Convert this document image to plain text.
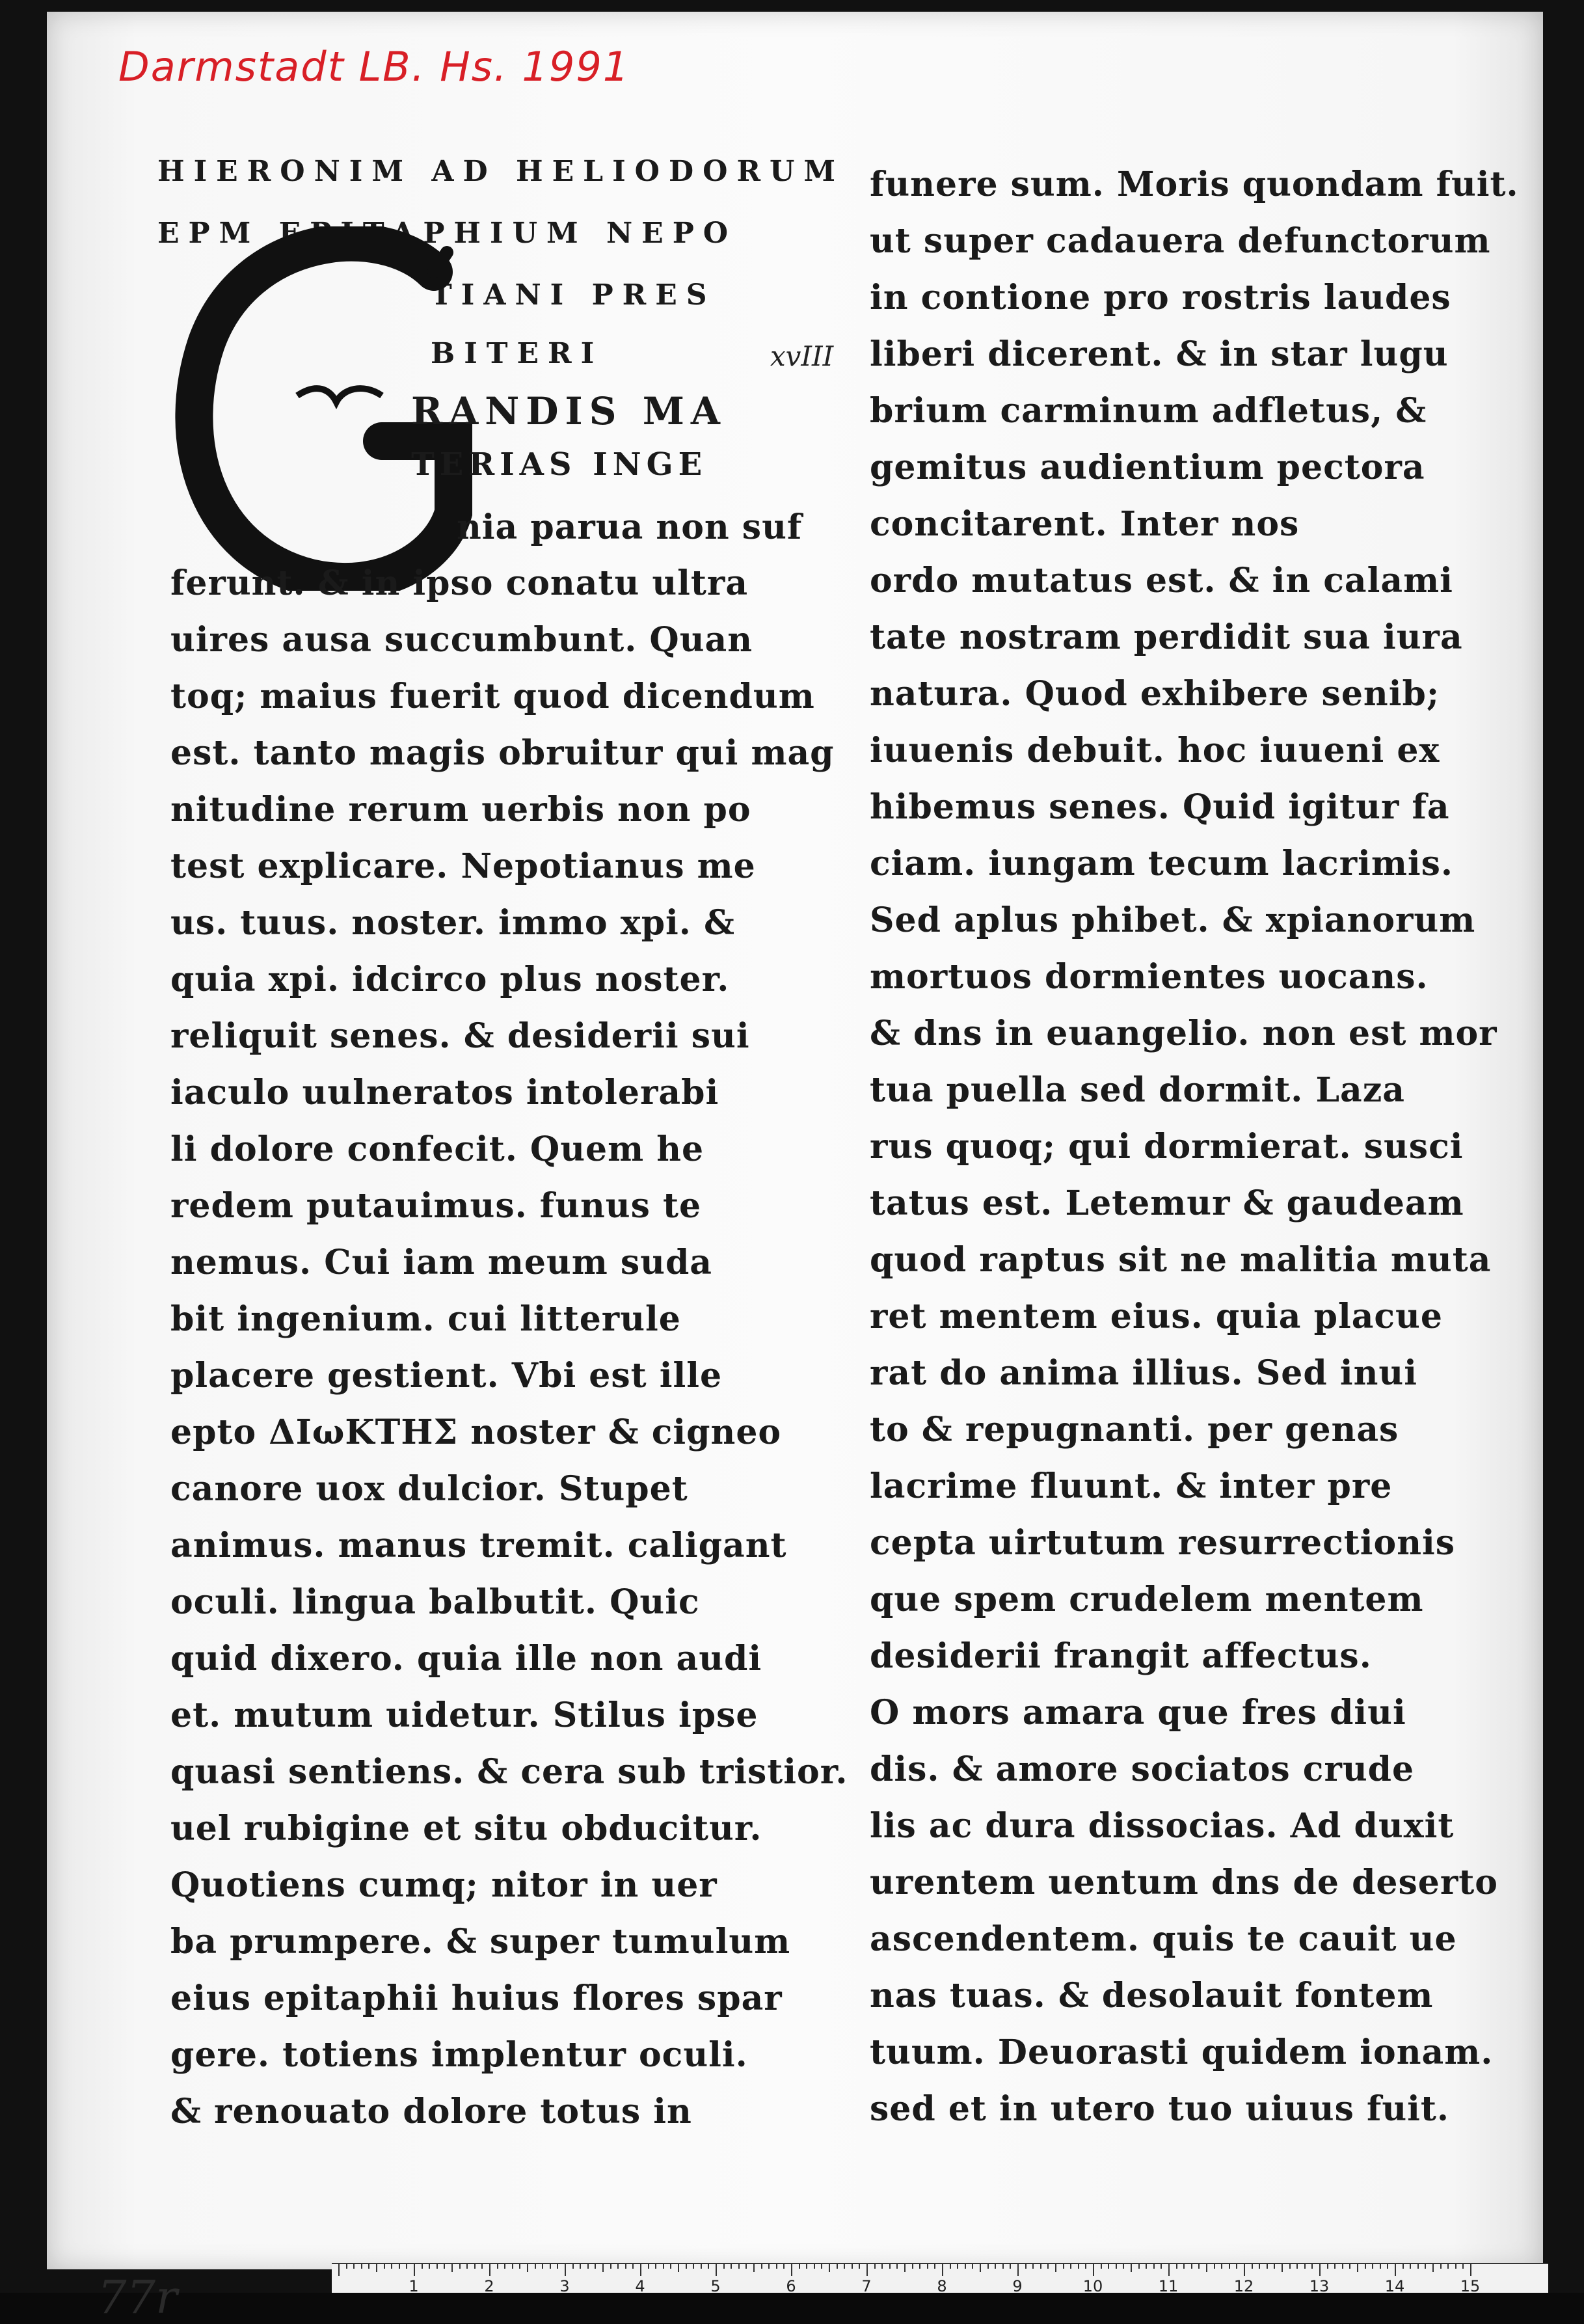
Darmstadt LB. Hs. 1991
HIERONIM AD HELIODORUM
EPM EPITAPHIUM NEPO
TIANI PRES
BITERI	xvIII
RANDIS MA
TERIAS INGE
nia parua non suf
ferunt. & in ipso conatu ultra
uires ausa succumbunt. Quan
toq; maius fuerit quod dicendum
est. tanto magis obruitur qui mag
nitudine rerum uerbis non po
test explicare. Nepotianus me
us. tuus. noster. immo xpi. &
quia xpi. idcirco plus noster.
reliquit senes. & desiderii sui
iaculo uulneratos intolerabi
li dolore confecit. Quem he
redem putauimus. funus te
nemus. Cui iam meum suda
bit ingenium. cui litterule
placere gestient. Vbi est ille
epto ΔΙωΚΤΗΣ noster & cigneo
canore uox dulcior. Stupet
animus. manus tremit. caligant
oculi. lingua balbutit. Quic
quid dixero. quia ille non audi
et. mutum uidetur. Stilus ipse
quasi sentiens. & cera sub tristior.
uel rubigine et situ obducitur.
Quotiens cumq; nitor in uer
ba prumpere. & super tumulum
eius epitaphii huius flores spar
gere. totiens implentur oculi.
& renouato dolore totus in
funere sum. Moris quondam fuit.
ut super cadauera defunctorum
in contione pro rostris laudes
liberi dicerent. & in star lugu
brium carminum adfletus, &
gemitus audientium pectora
concitarent. Inter nos
ordo mutatus est. & in calami
tate nostram perdidit sua iura
natura. Quod exhibere senib;
iuuenis debuit. hoc iuueni ex
hibemus senes. Quid igitur fa
ciam. iungam tecum lacrimis.
Sed aplus phibet. & xpianorum
mortuos dormientes uocans.
& dns in euangelio. non est mor
tua puella sed dormit. Laza
rus quoq; qui dormierat. susci
tatus est. Letemur & gaudeam
quod raptus sit ne malitia muta
ret mentem eius. quia placue
rat do anima illius. Sed inui
to & repugnanti. per genas
lacrime fluunt. & inter pre
cepta uirtutum resurrectionis
que spem crudelem mentem
desiderii frangit affectus.
O mors amara que fres diui
dis. & amore sociatos crude
lis ac dura dissocias. Ad duxit
urentem uentum dns de deserto
ascendentem. quis te cauit ue
nas tuas. & desolauit fontem
tuum. Deuorasti quidem ionam.
sed et in utero tuo uiuus fuit.
77r	1	2	3	4	5	6	7	8	9	10	11	12	13	14	15
